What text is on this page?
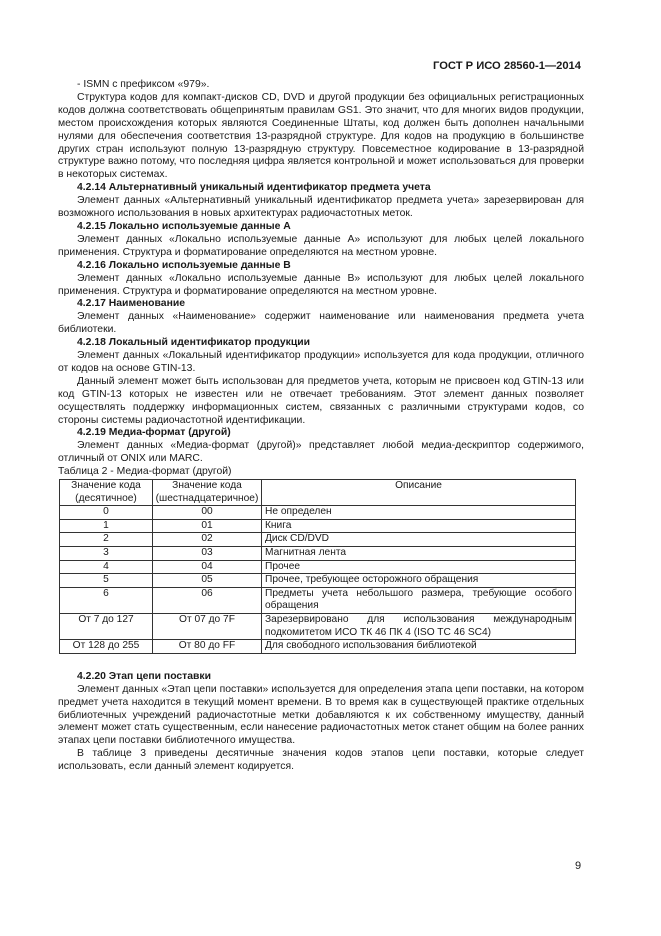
ГОСТ Р ИСО 28560-1—2014

- ISMN с префиксом «979».

Структура кодов для компакт-дисков CD, DVD и другой продукции без официальных регистрационных кодов должна соответствовать общепринятым правилам GS1. Это значит, что для многих видов продукции, местом происхождения которых являются Соединенные Штаты, код должен быть дополнен начальными нулями для обеспечения соответствия 13-разрядной структуре. Для кодов на продукцию в большинстве других стран используют полную 13-разрядную структуру. Повсеместное кодирование в 13-разрядной структуре важно потому, что последняя цифра является контрольной и может использоваться для проверки в некоторых системах.

4.2.14 Альтернативный уникальный идентификатор предмета учета

Элемент данных «Альтернативный уникальный идентификатор предмета учета» зарезервирован для возможного использования в новых архитектурах радиочастотных меток.

4.2.15 Локально используемые данные A

Элемент данных «Локально используемые данные А» используют для любых целей локального применения. Структура и форматирование определяются на местном уровне.

4.2.16 Локально используемые данные B

Элемент данных «Локально используемые данные В» используют для любых целей локального применения. Структура и форматирование определяются на местном уровне.

4.2.17 Наименование

Элемент данных «Наименование» содержит наименование или наименования предмета учета библиотеки.

4.2.18 Локальный идентификатор продукции

Элемент данных «Локальный идентификатор продукции» используется для кода продукции, отличного от кодов на основе GTIN-13.

Данный элемент может быть использован для предметов учета, которым не присвоен код GTIN-13 или код GTIN-13 которых не известен или не отвечает требованиям. Этот элемент данных позволяет осуществлять поддержку информационных систем, связанных с различными структурами кодов, со стороны системы радиочастотной идентификации.

4.2.19 Медиа-формат (другой)

Элемент данных «Медиа-формат (другой)» представляет любой медиа-дескриптор содержимого, отличный от ONIX или MARC.

Таблица 2 - Медиа-формат (другой)

Значение кода (десятичное)	Значение кода (шестнадцатеричное)	Описание
0	00	Не определен
1	01	Книга
2	02	Диск CD/DVD
3	03	Магнитная лента
4	04	Прочее
5	05	Прочее, требующее осторожного обращения
6	06	Предметы учета небольшого размера, требующие особого обращения
От 7 до 127	От 07 до 7F	Зарезервировано для использования международным подкомитетом ИСО ТК 46 ПК 4 (ISO TC 46 SC4)
От 128 до 255	От 80 до FF	Для свободного использования библиотекой

4.2.20 Этап цепи поставки

Элемент данных «Этап цепи поставки» используется для определения этапа цепи поставки, на котором предмет учета находится в текущий момент времени. В то время как в существующей практике отдельных библиотечных учреждений радиочастотные метки добавляются к их собственному имуществу, данный элемент может стать существенным, если нанесение радиочастотных меток станет общим на более ранних этапах цепи поставки библиотечного имущества.

В таблице 3 приведены десятичные значения кодов этапов цепи поставки, которые следует использовать, если данный элемент кодируется.

9
